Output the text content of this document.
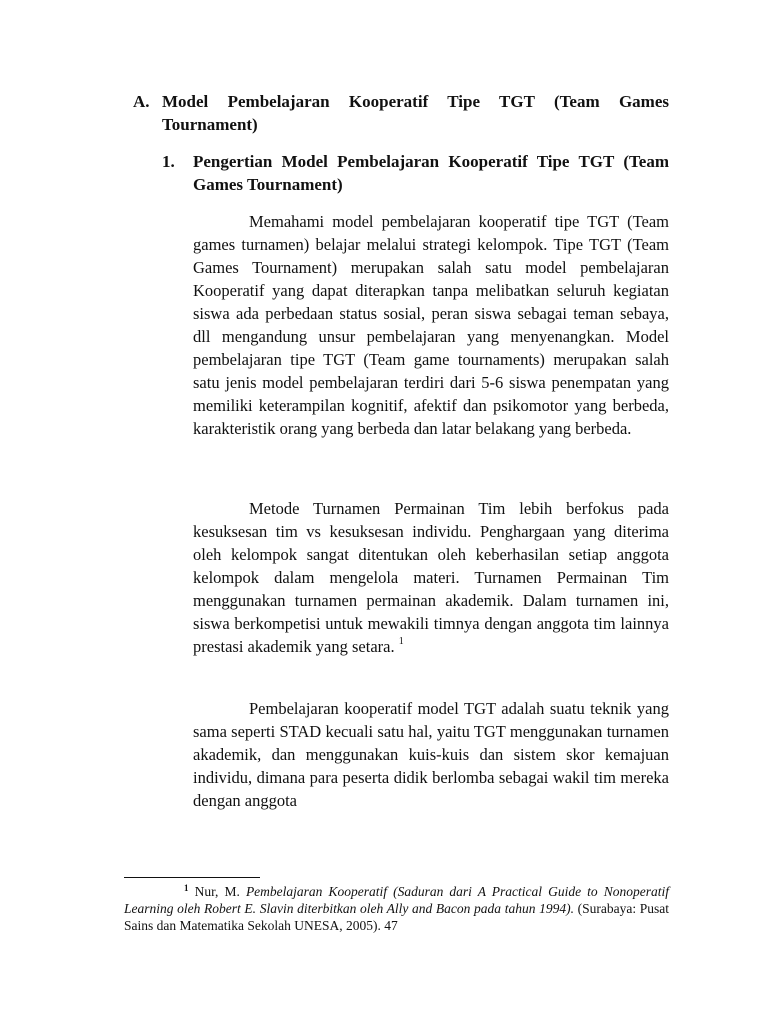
A. Model Pembelajaran Kooperatif Tipe TGT (Team Games Tournament)
1. Pengertian Model Pembelajaran Kooperatif Tipe TGT (Team Games Tournament)

Memahami model pembelajaran kooperatif tipe TGT (Team games turnamen) belajar melalui strategi kelompok. Tipe TGT (Team Games Tournament) merupakan salah satu model pembelajaran Kooperatif yang dapat diterapkan tanpa melibatkan seluruh kegiatan siswa ada perbedaan status sosial, peran siswa sebagai teman sebaya, dll mengandung unsur pembelajaran yang menyenangkan. Model pembelajaran tipe TGT (Team game tournaments) merupakan salah satu jenis model pembelajaran terdiri dari 5-6 siswa penempatan yang memiliki keterampilan kognitif, afektif dan psikomotor yang berbeda, karakteristik orang yang berbeda dan latar belakang yang berbeda.

Metode Turnamen Permainan Tim lebih berfokus pada kesuksesan tim vs kesuksesan individu. Penghargaan yang diterima oleh kelompok sangat ditentukan oleh keberhasilan setiap anggota kelompok dalam mengelola materi. Turnamen Permainan Tim menggunakan turnamen permainan akademik. Dalam turnamen ini, siswa berkompetisi untuk mewakili timnya dengan anggota tim lainnya prestasi akademik yang setara. $^1$

Pembelajaran kooperatif model TGT adalah suatu teknik yang sama seperti STAD kecuali satu hal, yaitu TGT menggunakan turnamen akademik, dan menggunakan kuis-kuis dan sistem skor kemajuan individu, dimana para peserta didik berlomba sebagai wakil tim mereka dengan anggota

$^1$ Nur, M. Pembelajaran Kooperatif (Saduran dari A Practical Guide to Nonoperatif Learning oleh Robert E. Slavin diterbitkan oleh Ally and Bacon pada tahun 1994). (Surabaya: Pusat Sains dan Matematika Sekolah UNESA, 2005). 47
